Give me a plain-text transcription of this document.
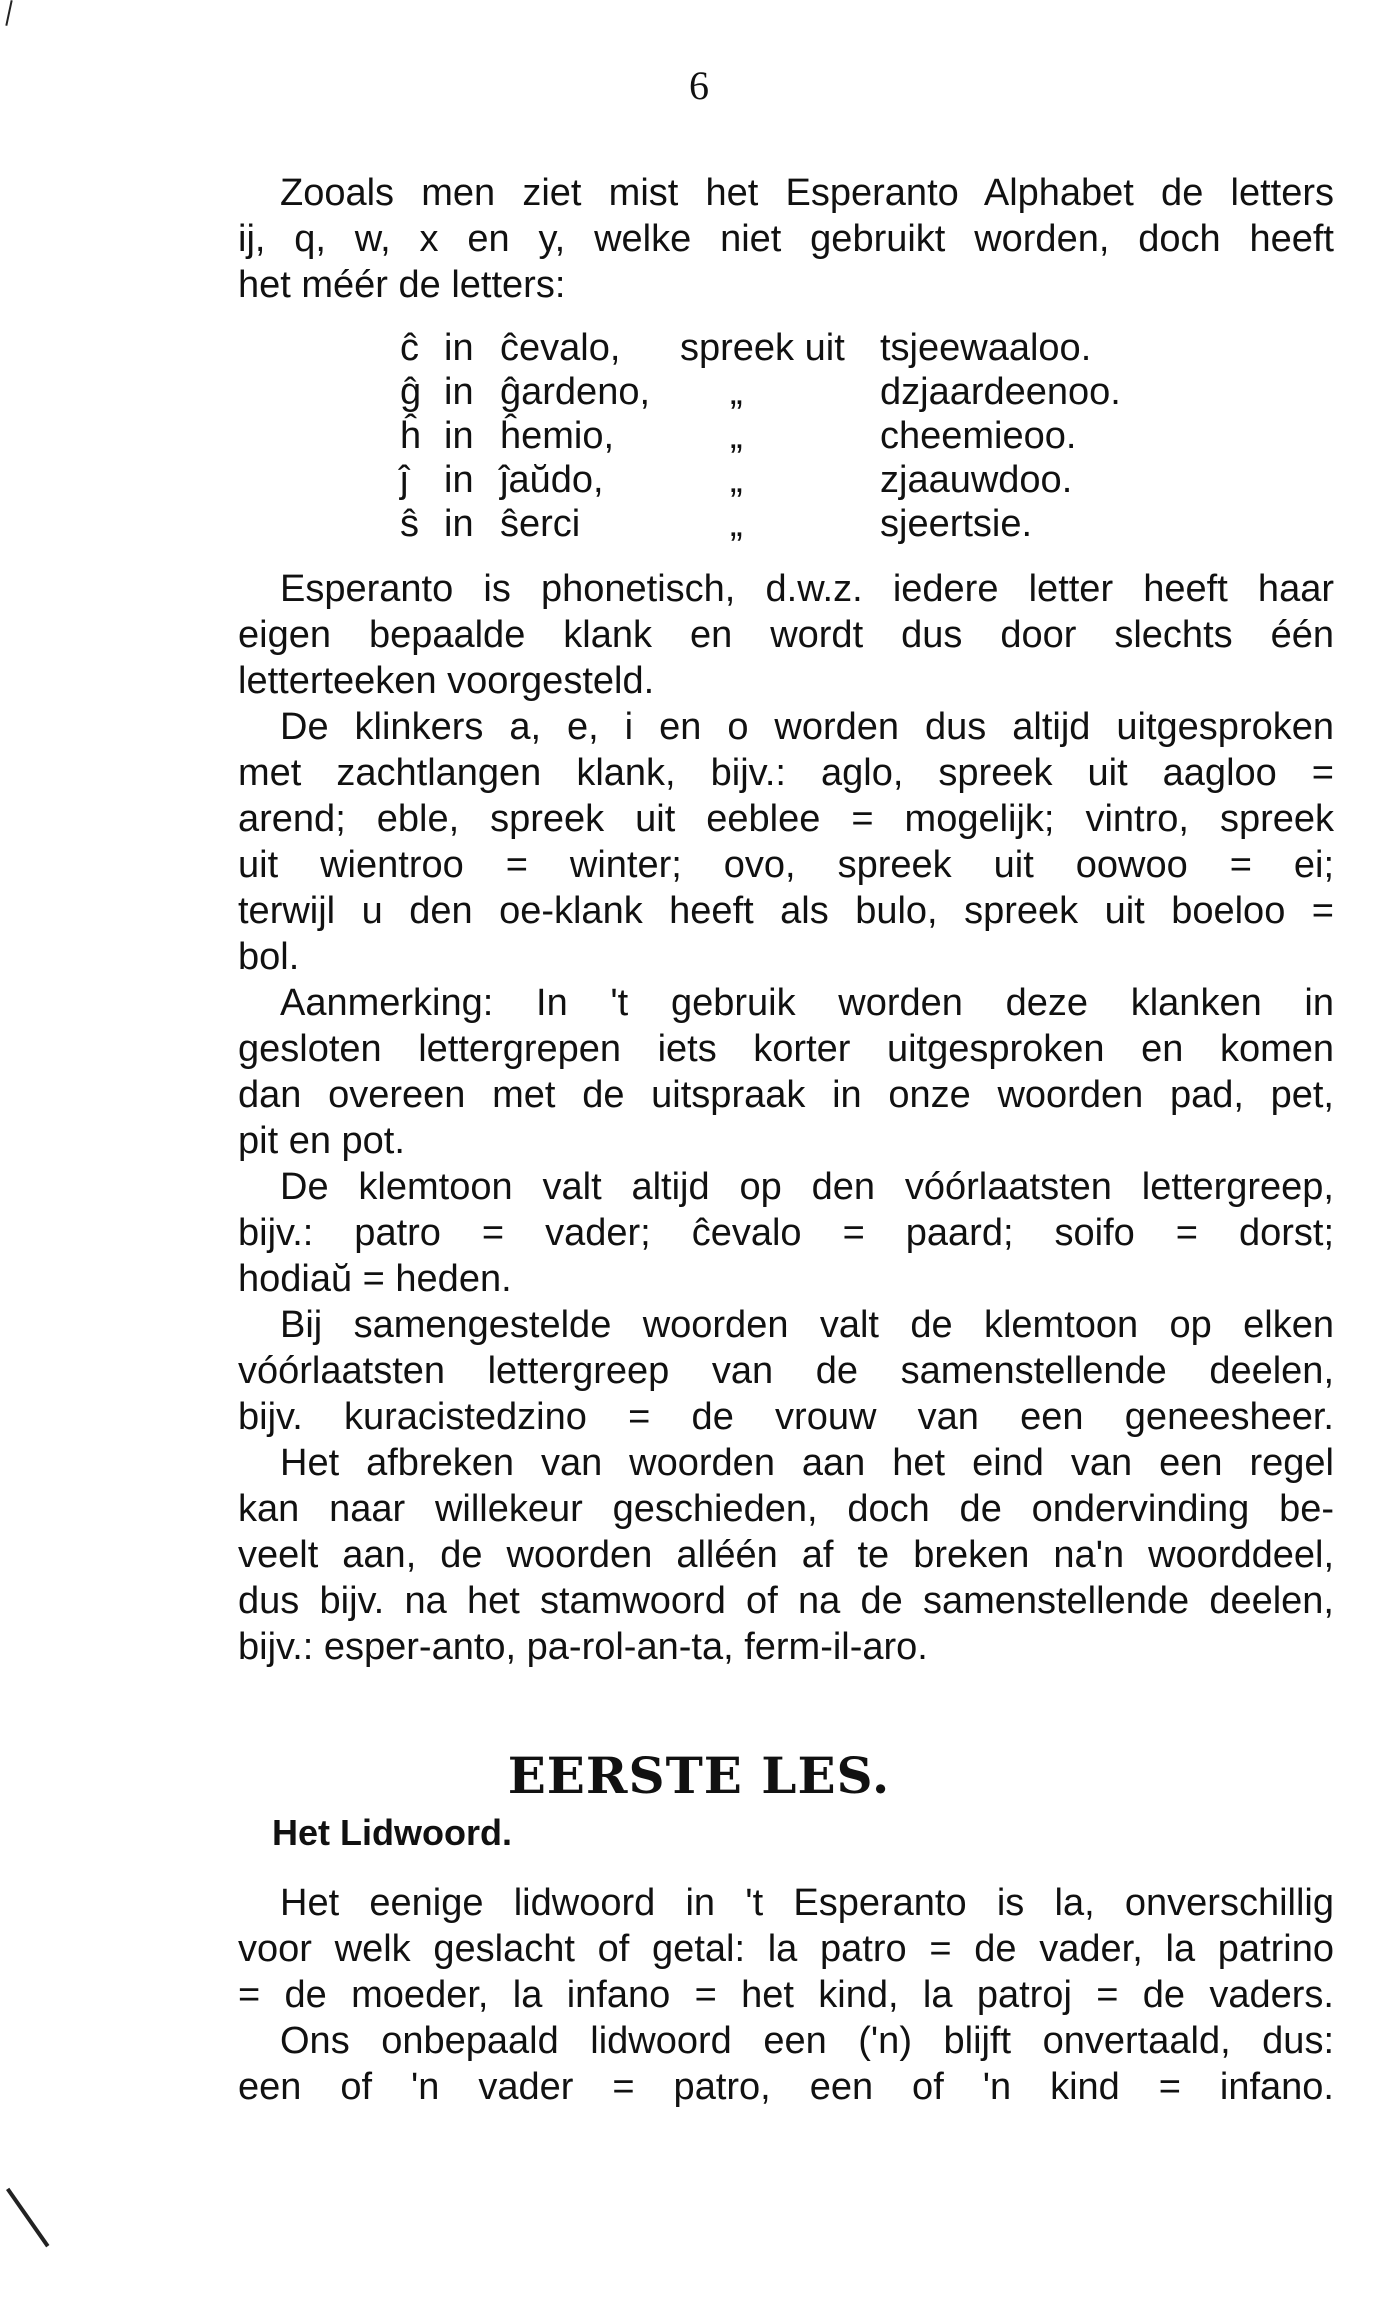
6
Zooals men ziet mist het Esperanto Alphabet de letters
ij, q, w, x en y, welke niet gebruikt worden, doch heeft
het méér de letters:
ĉ in ĉevalo, spreek uit tsjeewaaloo.
ĝ in ĝardeno, „	dzjaardeenoo.
ĥ in ĥemio,	„	cheemieoo.
ĵ in ĵaŭdo,	„	zjaauwdoo.
ŝ in ŝerci	„	sjeertsie.
Esperanto is phonetisch, d.w.z. iedere letter heeft haar
eigen bepaalde klank en wordt dus door slechts één
letterteeken voorgesteld.
De klinkers a, e, i en o worden dus altijd uitgesproken
met zachtlangen klank, bijv.: aglo, spreek uit aagloo =
arend; eble, spreek uit eeblee = mogelijk; vintro, spreek
uit wientroo = winter; ovo, spreek uit oowoo = ei;
terwijl u den oe-klank heeft als bulo, spreek uit boeloo =
bol.
Aanmerking: In 't gebruik worden deze klanken in
gesloten lettergrepen iets korter uitgesproken en komen
dan overeen met de uitspraak in onze woorden pad, pet,
pit en pot.
De klemtoon valt altijd op den vóórlaatsten lettergreep,
bijv.: patro = vader; ĉevalo = paard; soifo = dorst;
hodiaŭ = heden.
Bij samengestelde woorden valt de klemtoon op elken
vóórlaatsten lettergreep van de samenstellende deelen,
bijv. kuracistedzino = de vrouw van een geneesheer.
Het afbreken van woorden aan het eind van een regel
kan naar willekeur geschieden, doch de ondervinding be-
veelt aan, de woorden alléén af te breken na'n woorddeel,
dus bijv. na het stamwoord of na de samenstellende deelen,
bijv.: esper-anto, pa-rol-an-ta, ferm-il-aro.
EERSTE LES.
Het Lidwoord.
Het eenige lidwoord in 't Esperanto is la, onverschillig
voor welk geslacht of getal: la patro = de vader, la patrino
= de moeder, la infano = het kind, la patroj = de vaders.
Ons onbepaald lidwoord een ('n) blijft onvertaald, dus:
een of 'n vader = patro, een of 'n kind = infano.
